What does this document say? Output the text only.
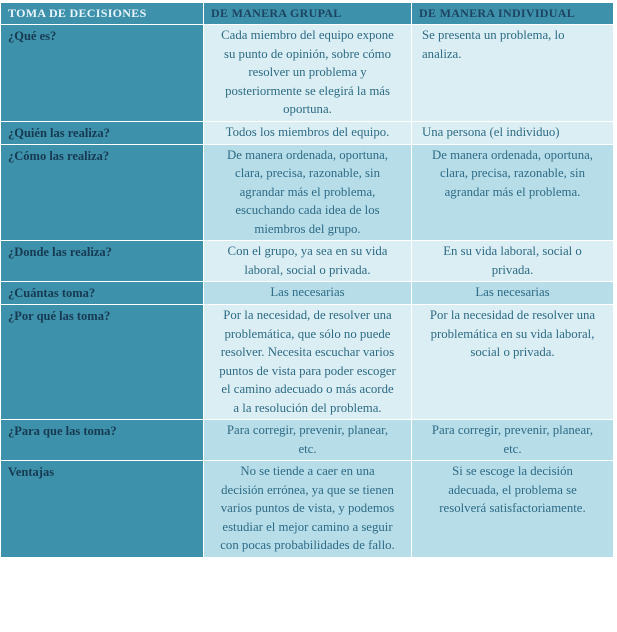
TOMA DE DECISIONES	DE MANERA GRUPAL	DE MANERA INDIVIDUAL
¿Qué es?	Cada miembro del equipo expone su punto de opinión, sobre cómo resolver un problema y posteriormente se elegirá la más oportuna.	Se presenta un problema, lo analiza.
¿Quién las realiza?	Todos los miembros del equipo.	Una persona (el individuo)
¿Cómo las realiza?	De manera ordenada, oportuna, clara, precisa, razonable, sin agrandar más el problema, escuchando cada idea de los miembros del grupo.	De manera ordenada, oportuna, clara, precisa, razonable, sin agrandar más el problema.
¿Donde las realiza?	Con el grupo, ya sea en su vida laboral, social o privada.	En su vida laboral, social o privada.
¿Cuántas toma?	Las necesarias	Las necesarias
¿Por qué las toma?	Por la necesidad, de resolver una problemática, que sólo no puede resolver. Necesita escuchar varios puntos de vista para poder escoger el camino adecuado o más acorde a la resolución del problema.	Por la necesidad de resolver una problemática en su vida laboral, social o privada.
¿Para que las toma?	Para corregir, prevenir, planear, etc.	Para corregir, prevenir, planear, etc.
Ventajas	No se tiende a caer en una decisión errónea, ya que se tienen varios puntos de vista, y podemos estudiar el mejor camino a seguir con pocas probabilidades de fallo.	Si se escoge la decisión adecuada, el problema se resolverá satisfactoriamente.
